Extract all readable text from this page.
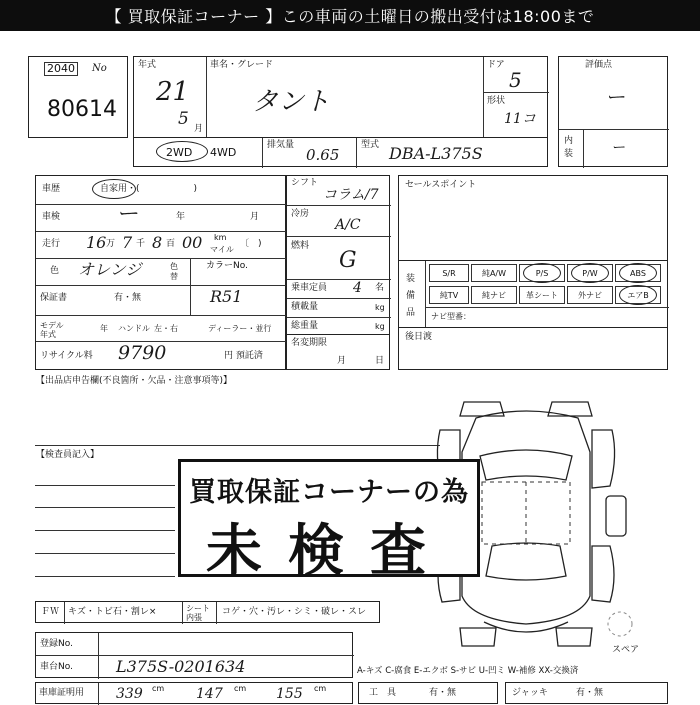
【 買取保証コーナー 】この車両の土曜日の搬出受付は18:00まで
2040	No
80614
年式
21
5 月
車名・グレード
タント
ドア
5
形状
11コ
2WD 4WD
排気量
0.65
型式 DBA-L375S
評価点
ー
内装	ー
車歴	自家用・(　　　　　　)
車検	ー	年	月
走行 16 万 7 千 8 百 00 km
マイル
〔　)
色 オレンジ	色替
カラーNo.
保証書	有・無	R51
モデル年式
年 ハンドル 左・右	ディーラー・並行
リサイクル料 9790	円 預託済
シフト
コラム/7
冷房
A/C
燃料
G
乗車定員 4 名
積載量	kg
総重量	kg
名変期限
月	日
セールスポイント
装備品
S/R	純A/W	P/S	P/W	ABS
純TV	純ナビ	革シート	外ナビ	エアB
ナビ型番：
後日渡
【出品店申告欄(不良箇所・欠品・注意事項等)】
【検査員記入】
スペア
買取保証コーナーの為
未検査
ＦＷ キズ・トビ石・割レ×	シート内張
コゲ・穴・汚レ・シミ・破レ・スレ
登録No.
車台No.	L375S-0201634	A-キズ C-腐食 E-エクボ S-サビ U-凹ミ W-補修 XX-交換済
車庫証明用 339 cm 147 cm 155 cm	工　具	有・無	ジャッキ	有・無
